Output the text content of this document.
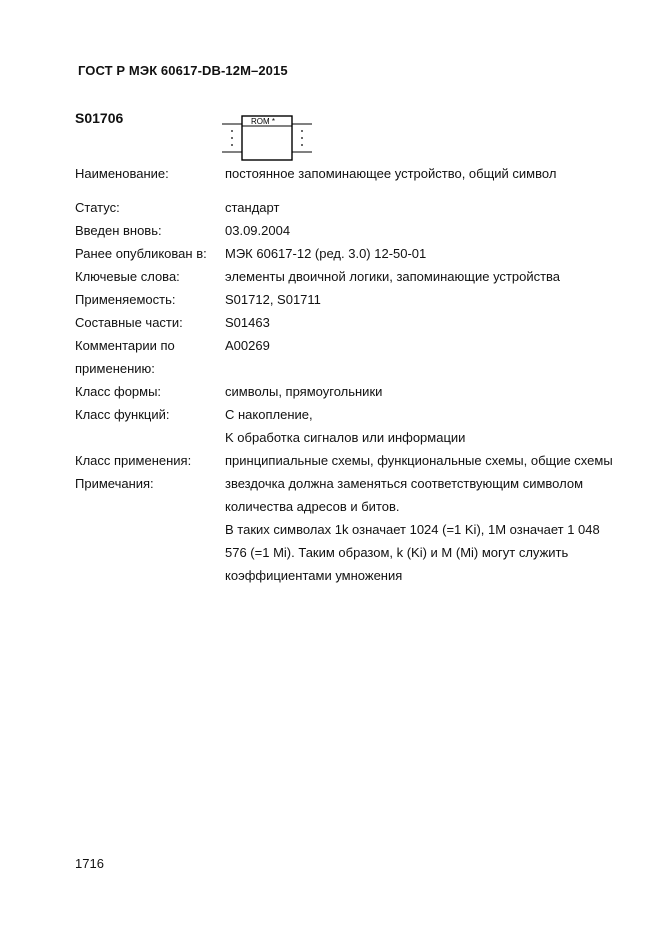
ГОСТ Р МЭК 60617-DB-12M–2015
S01706	ROM *
Наименование:	постоянное запоминающее устройство, общий символ
Статус:	стандарт
Введен вновь:	03.09.2004
Ранее опубликован в:	МЭК 60617-12 (ред. 3.0) 12-50-01
Ключевые слова:	элементы двоичной логики, запоминающие устройства
Применяемость:	S01712, S01711
Составные части:	S01463
Комментарии по применению:
A00269
Класс формы:	символы, прямоугольники
Класс функций:	C накопление,
K обработка сигналов или информации
Класс применения:	принципиальные схемы, функциональные схемы, общие схемы
Примечания:	звездочка должна заменяться соответствующим символом количества адресов и битов.
В таких символах 1k означает 1024 (=1 Ki), 1M означает 1 048 576 (=1 Mi). Таким образом, k (Ki) и M (Mi) могут служить коэффициентами умножения
1716
